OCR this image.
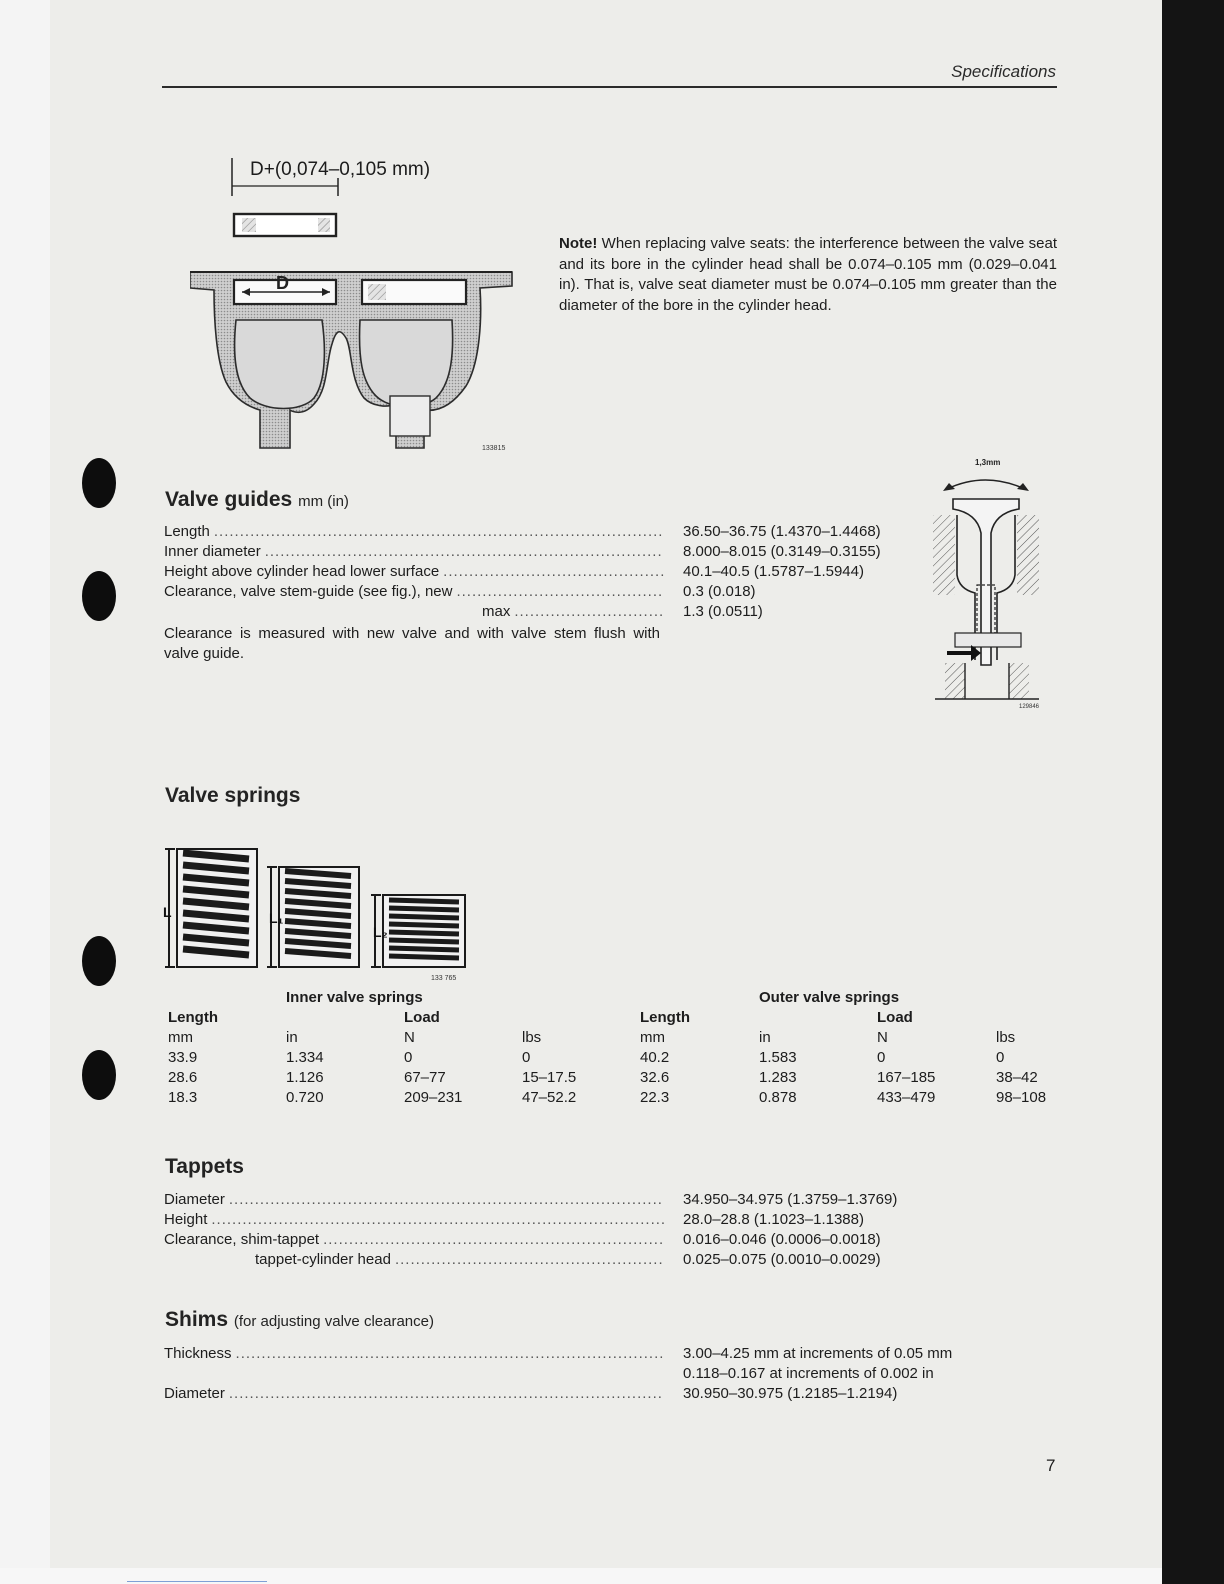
Specifications
D+(0,074–0,105 mm)
D
133815
Note! When replacing valve seats: the interference between the valve seat and its bore in the cylinder head shall be 0.074–0.105 mm (0.029–0.041 in). That is, valve seat diameter must be 0.074–0.105 mm greater than the diameter of the bore in the cylinder head.
Valve guides mm (in)
Length .....	36.50–36.75 (1.4370–1.4468)
Inner diameter .....	8.000–8.015 (0.3149–0.3155)
Height above cylinder head lower surface .....	40.1–40.5 (1.5787–1.5944)
Clearance, valve stem-guide (see fig.), new .....	0.3 (0.018)
max .....	1.3 (0.0511)
Clearance is measured with new valve and with valve stem flush with valve guide.
1,3mm
129846
Valve springs
L	L₁
L₂
133 765
Inner valve springs
Length	Load
mm	in	N	lbs
33.9	1.334	0	0
28.6	1.126	67–77	15–17.5
18.3	0.720	209–231	47–52.2
Outer valve springs
Length	Load
mm	in	N	lbs
40.2	1.583	0	0
32.6	1.283	167–185	38–42
22.3	0.878	433–479	98–108
Tappets
Diameter .....	34.950–34.975 (1.3759–1.3769)
Height .....	28.0–28.8 (1.1023–1.1388)
Clearance, shim-tappet .....	0.016–0.046 (0.0006–0.0018)
tappet-cylinder head .....	0.025–0.075 (0.0010–0.0029)
Shims (for adjusting valve clearance)
Thickness .....	3.00–4.25 mm at increments of 0.05 mm
0.118–0.167 at increments of 0.002 in
Diameter .....	30.950–30.975 (1.2185–1.2194)
7
